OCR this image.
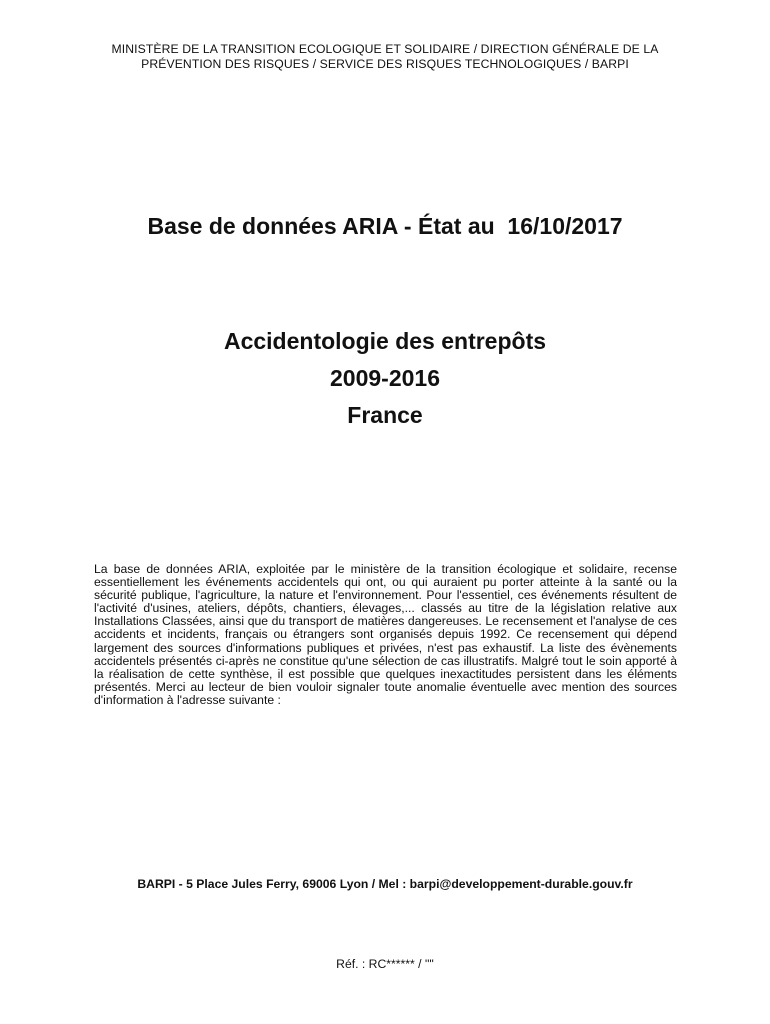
MINISTÈRE DE LA TRANSITION ECOLOGIQUE ET SOLIDAIRE / DIRECTION GÉNÉRALE DE LA
PRÉVENTION DES RISQUES / SERVICE DES RISQUES TECHNOLOGIQUES / BARPI
Base de données ARIA - État au  16/10/2017
Accidentologie des entrepôts
2009-2016
France

La base de données ARIA, exploitée par le ministère de la transition écologique et solidaire, recense essentiellement les événements accidentels qui ont, ou qui auraient pu porter atteinte à la santé ou la sécurité publique, l'agriculture, la nature et l'environnement. Pour l'essentiel, ces événements résultent de l'activité d'usines, ateliers, dépôts, chantiers, élevages,... classés au titre de la législation relative aux Installations Classées, ainsi que du transport de matières dangereuses. Le recensement et l'analyse de ces accidents et incidents, français ou étrangers sont organisés depuis 1992. Ce recensement qui dépend largement des sources d'informations publiques et privées, n'est pas exhaustif. La liste des évènements accidentels présentés ci-après ne constitue qu'une sélection de cas illustratifs. Malgré tout le soin apporté à la réalisation de cette synthèse, il est possible que quelques inexactitudes persistent dans les éléments présentés. Merci au lecteur de bien vouloir signaler toute anomalie éventuelle avec mention des sources d'information à l'adresse suivante :

BARPI - 5 Place Jules Ferry, 69006 Lyon / Mel : barpi@developpement-durable.gouv.fr
Réf. : RC****** / '"'
